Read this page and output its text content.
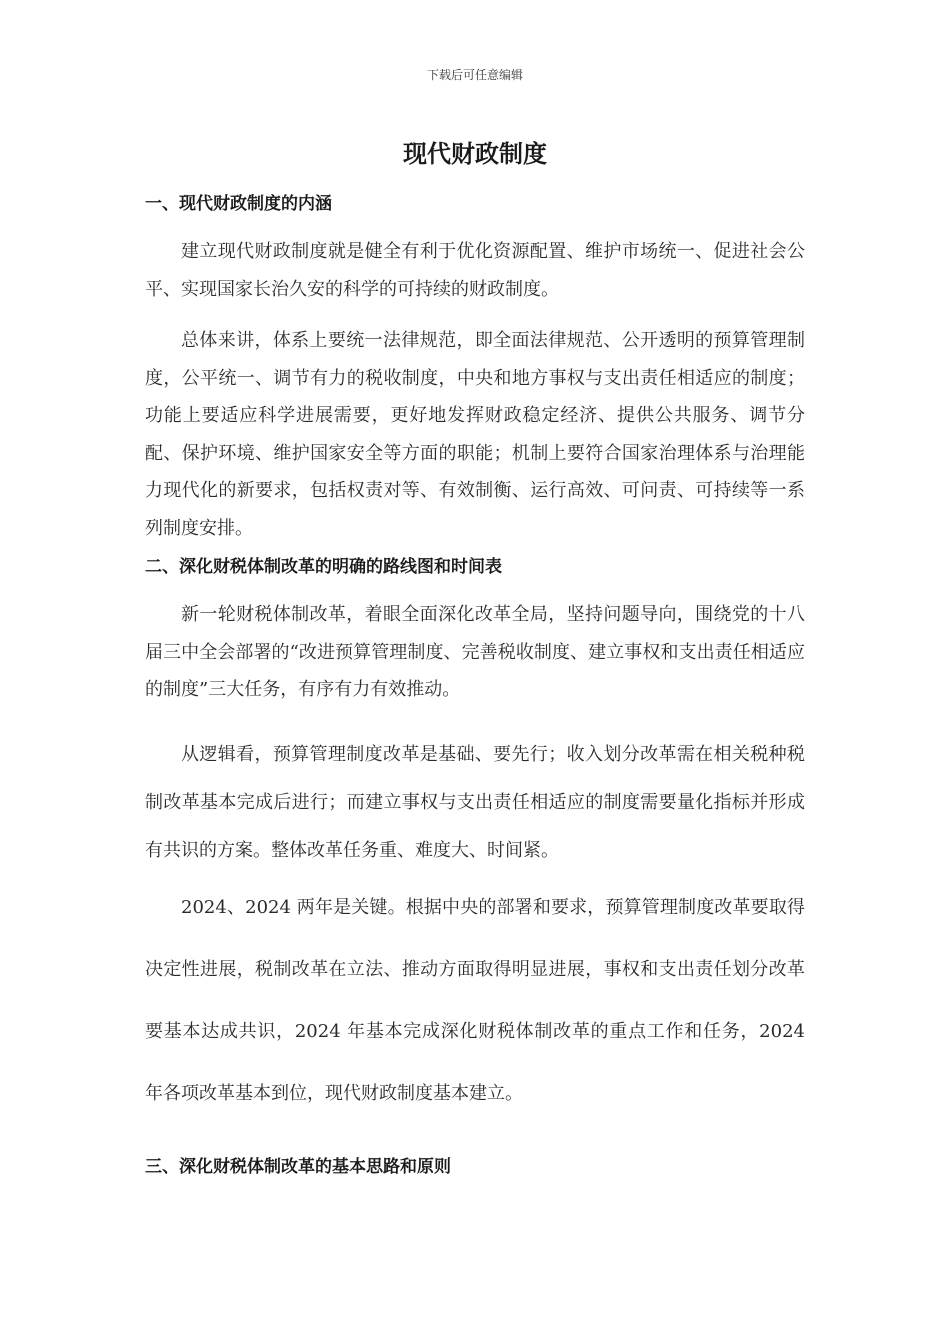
下载后可任意编辑
现代财政制度
一、现代财政制度的内涵

建立现代财政制度就是健全有利于优化资源配置、维护市场统一、促进社会公平、实现国家长治久安的科学的可持续的财政制度。

总体来讲，体系上要统一法律规范，即全面法律规范、公开透明的预算管理制度，公平统一、调节有力的税收制度，中央和地方事权与支出责任相适应的制度；功能上要适应科学进展需要，更好地发挥财政稳定经济、提供公共服务、调节分配、保护环境、维护国家安全等方面的职能；机制上要符合国家治理体系与治理能力现代化的新要求，包括权责对等、有效制衡、运行高效、可问责、可持续等一系列制度安排。

二、深化财税体制改革的明确的路线图和时间表

新一轮财税体制改革，着眼全面深化改革全局，坚持问题导向，围绕党的十八届三中全会部署的“改进预算管理制度、完善税收制度、建立事权和支出责任相适应的制度”三大任务，有序有力有效推动。

从逻辑看，预算管理制度改革是基础、要先行；收入划分改革需在相关税种税制改革基本完成后进行；而建立事权与支出责任相适应的制度需要量化指标并形成有共识的方案。整体改革任务重、难度大、时间紧。

2024、2024 两年是关键。根据中央的部署和要求，预算管理制度改革要取得决定性进展，税制改革在立法、推动方面取得明显进展，事权和支出责任划分改革要基本达成共识，2024 年基本完成深化财税体制改革的重点工作和任务，2024 年各项改革基本到位，现代财政制度基本建立。

三、深化财税体制改革的基本思路和原则
